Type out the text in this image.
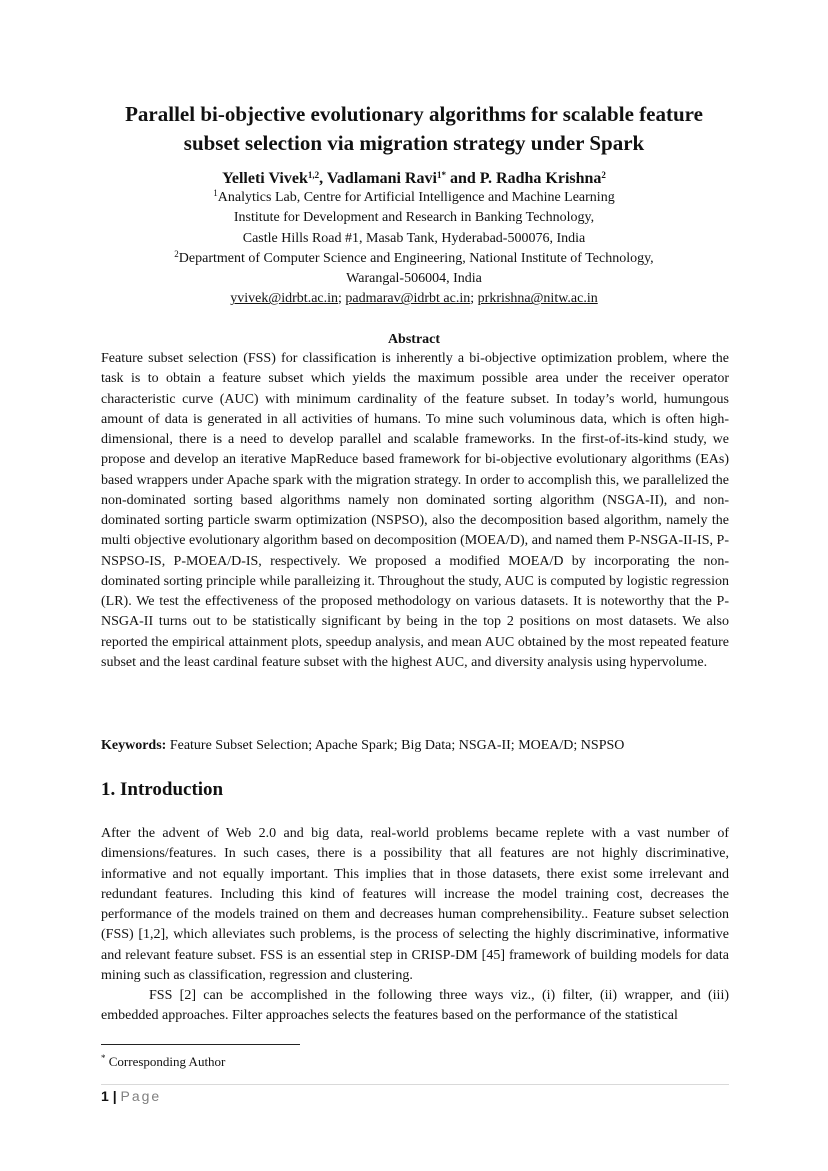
Parallel bi-objective evolutionary algorithms for scalable feature
subset selection via migration strategy under Spark
Yelleti Vivek$^{1,2}$, Vadlamani Ravi$^{1*}$ and P. Radha Krishna$^2$
$^1$Analytics Lab, Centre for Artificial Intelligence and Machine Learning
Institute for Development and Research in Banking Technology,
Castle Hills Road #1, Masab Tank, Hyderabad-500076, India
$^2$Department of Computer Science and Engineering, National Institute of Technology,
Warangal-506004, India
yvivek@idrbt.ac.in; padmarav@idrbt ac.in; prkrishna@nitw.ac.in
Abstract

Feature subset selection (FSS) for classification is inherently a bi-objective optimization problem, where the task is to obtain a feature subset which yields the maximum possible area under the receiver operator characteristic curve (AUC) with minimum cardinality of the feature subset. In today’s world, humungous amount of data is generated in all activities of humans. To mine such voluminous data, which is often high-dimensional, there is a need to develop parallel and scalable frameworks. In the first-of-its-kind study, we propose and develop an iterative MapReduce based framework for bi-objective evolutionary algorithms (EAs) based wrappers under Apache spark with the migration strategy. In order to accomplish this, we parallelized the non-dominated sorting based algorithms namely non dominated sorting algorithm (NSGA-II), and non-dominated sorting particle swarm optimization (NSPSO), also the decomposition based algorithm, namely the multi objective evolutionary algorithm based on decomposition (MOEA/D), and named them P-NSGA-II-IS, P-NSPSO-IS, P-MOEA/D-IS, respectively. We proposed a modified MOEA/D by incorporating the non-dominated sorting principle while paralleizing it. Throughout the study, AUC is computed by logistic regression (LR). We test the effectiveness of the proposed methodology on various datasets. It is noteworthy that the P-NSGA-II turns out to be statistically significant by being in the top 2 positions on most datasets. We also reported the empirical attainment plots, speedup analysis, and mean AUC obtained by the most repeated feature subset and the least cardinal feature subset with the highest AUC, and diversity analysis using hypervolume.

Keywords: Feature Subset Selection; Apache Spark; Big Data; NSGA-II; MOEA/D; NSPSO
1. Introduction

After the advent of Web 2.0 and big data, real-world problems became replete with a vast number of dimensions/features. In such cases, there is a possibility that all features are not highly discriminative, informative and not equally important. This implies that in those datasets, there exist some irrelevant and redundant features. Including this kind of features will increase the model training cost, decreases the performance of the models trained on them and decreases human comprehensibility.. Feature subset selection (FSS) [1,2], which alleviates such problems, is the process of selecting the highly discriminative, informative and relevant feature subset. FSS is an essential step in CRISP-DM [45] framework of building models for data mining such as classification, regression and clustering.

FSS [2] can be accomplished in the following three ways viz., (i) filter, (ii) wrapper, and (iii) embedded approaches. Filter approaches selects the features based on the performance of the statistical

* Corresponding Author
1 | Page
